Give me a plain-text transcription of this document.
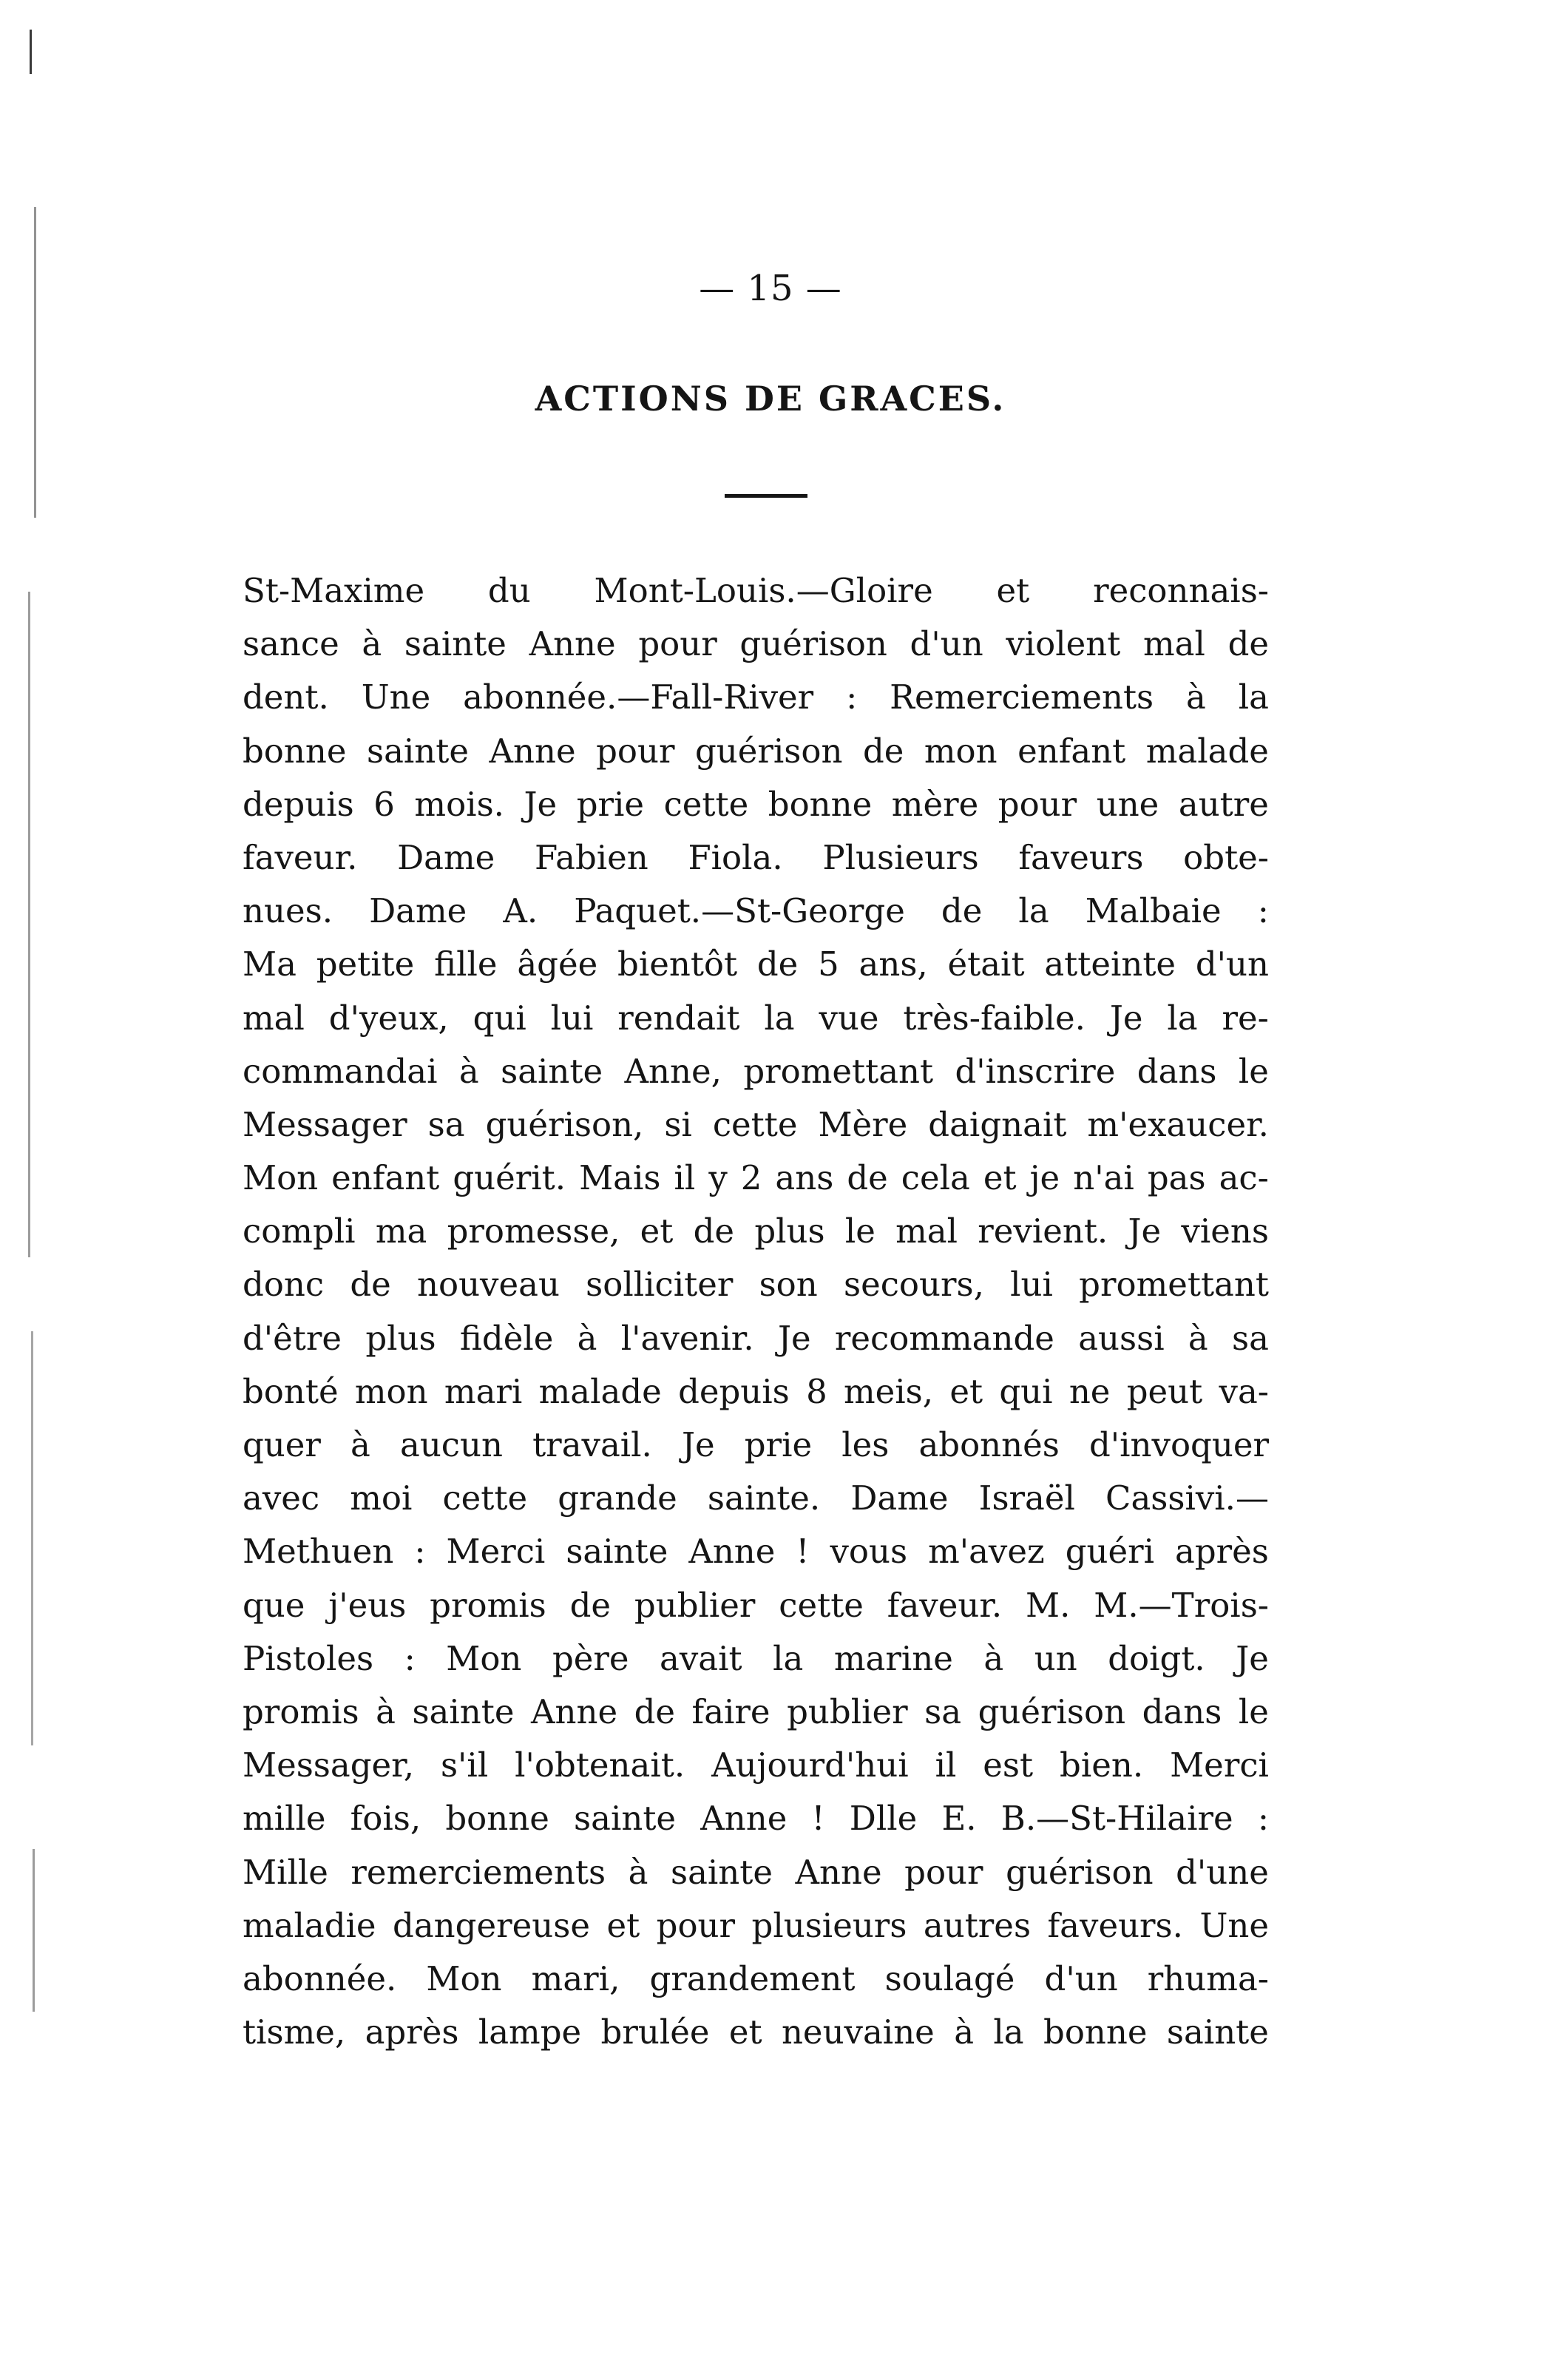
— 15 —
ACTIONS DE GRACES.
St-Maxime du Mont-Louis.—Gloire et reconnais-
sance à sainte Anne pour guérison d'un violent mal de
dent. Une abonnée.—Fall-River : Remerciements à la
bonne sainte Anne pour guérison de mon enfant malade
depuis 6 mois. Je prie cette bonne mère pour une autre
faveur. Dame Fabien Fiola. Plusieurs faveurs obte-
nues. Dame A. Paquet.—St-George de la Malbaie :
Ma petite fille âgée bientôt de 5 ans, était atteinte d'un
mal d'yeux, qui lui rendait la vue très-faible. Je la re-
commandai à sainte Anne, promettant d'inscrire dans le
Messager sa guérison, si cette Mère daignait m'exaucer.
Mon enfant guérit. Mais il y 2 ans de cela et je n'ai pas ac-
compli ma promesse, et de plus le mal revient. Je viens
donc de nouveau solliciter son secours, lui promettant
d'être plus fidèle à l'avenir. Je recommande aussi à sa
bonté mon mari malade depuis 8 meis, et qui ne peut va-
quer à aucun travail. Je prie les abonnés d'invoquer
avec moi cette grande sainte. Dame Israël Cassivi.—
Methuen : Merci sainte Anne ! vous m'avez guéri après
que j'eus promis de publier cette faveur. M. M.—Trois-
Pistoles : Mon père avait la marine à un doigt. Je
promis à sainte Anne de faire publier sa guérison dans le
Messager, s'il l'obtenait. Aujourd'hui il est bien. Merci
mille fois, bonne sainte Anne ! Dlle E. B.—St-Hilaire :
Mille remerciements à sainte Anne pour guérison d'une
maladie dangereuse et pour plusieurs autres faveurs. Une
abonnée. Mon mari, grandement soulagé d'un rhuma-
tisme, après lampe brulée et neuvaine à la bonne sainte
